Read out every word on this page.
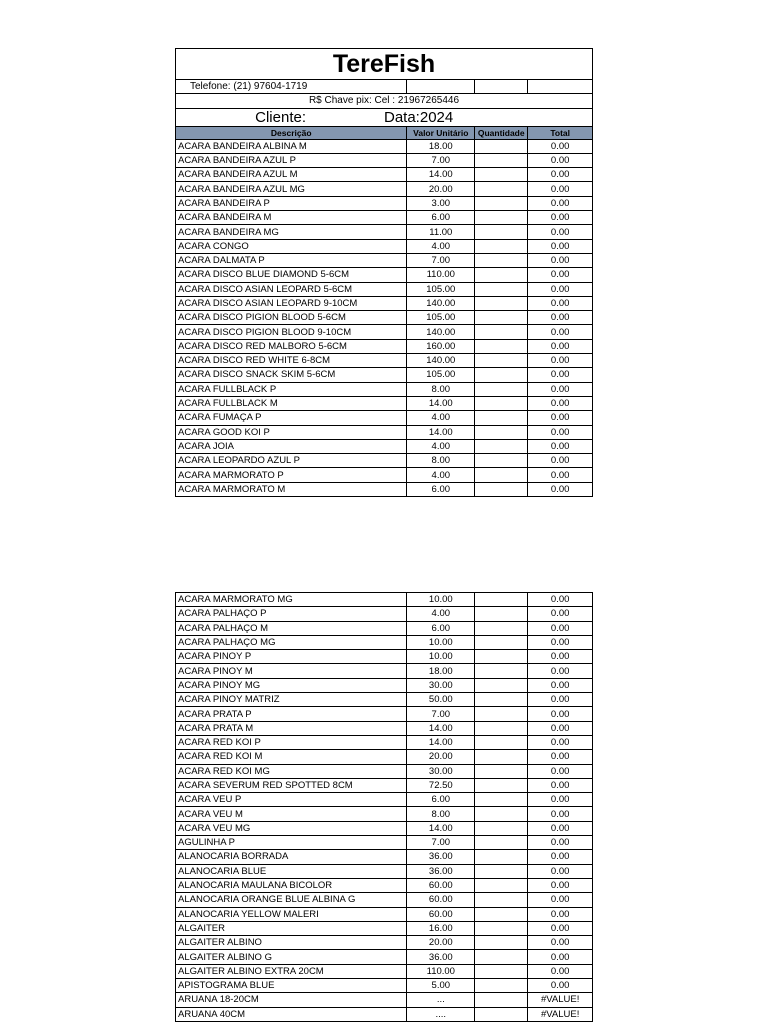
TereFish			
Telefone: (21) 97604-1719			
R$ Chave pix: Cel : 21967265446			
Cliente: Data:2024			
Descrição	Valor Unitário	Quantidade	Total
ACARA BANDEIRA ALBINA M	18.00		0.00
ACARA BANDEIRA AZUL P	7.00		0.00
ACARA BANDEIRA AZUL M	14.00		0.00
ACARA BANDEIRA AZUL MG	20.00		0.00
ACARA BANDEIRA P	3.00		0.00
ACARA BANDEIRA M	6.00		0.00
ACARA BANDEIRA MG	11.00		0.00
ACARA CONGO	4.00		0.00
ACARA DALMATA P	7.00		0.00
ACARA DISCO BLUE DIAMOND 5-6CM	110.00		0.00
ACARA DISCO ASIAN LEOPARD 5-6CM	105.00		0.00
ACARA DISCO ASIAN LEOPARD 9-10CM	140.00		0.00
ACARA DISCO PIGION BLOOD 5-6CM	105.00		0.00
ACARA DISCO PIGION BLOOD 9-10CM	140.00		0.00
ACARA DISCO RED MALBORO 5-6CM	160.00		0.00
ACARA DISCO RED WHITE 6-8CM	140.00		0.00
ACARA DISCO SNACK SKIM 5-6CM	105.00		0.00
ACARA FULLBLACK P	8.00		0.00
ACARA FULLBLACK M	14.00		0.00
ACARA FUMAÇA P	4.00		0.00
ACARA GOOD KOI P	14.00		0.00
ACARA JOIA	4.00		0.00
ACARA LEOPARDO AZUL P	8.00		0.00
ACARA MARMORATO P	4.00		0.00
ACARA MARMORATO M	6.00		0.00
ACARA MARMORATO MG	10.00		0.00
ACARA PALHAÇO P	4.00		0.00
ACARA PALHAÇO M	6.00		0.00
ACARA PALHAÇO MG	10.00		0.00
ACARA PINOY P	10.00		0.00
ACARA PINOY M	18.00		0.00
ACARA PINOY MG	30.00		0.00
ACARA PINOY MATRIZ	50.00		0.00
ACARA PRATA P	7.00		0.00
ACARA PRATA M	14.00		0.00
ACARA RED KOI P	14.00		0.00
ACARA RED KOI M	20.00		0.00
ACARA RED KOI MG	30.00		0.00
ACARA SEVERUM RED SPOTTED 8CM	72.50		0.00
ACARA VEU P	6.00		0.00
ACARA VEU M	8.00		0.00
ACARA VEU MG	14.00		0.00
AGULINHA P	7.00		0.00
ALANOCARIA BORRADA	36.00		0.00
ALANOCARIA BLUE	36.00		0.00
ALANOCARIA MAULANA BICOLOR	60.00		0.00
ALANOCARIA ORANGE BLUE ALBINA G	60.00		0.00
ALANOCARIA YELLOW MALERI	60.00		0.00
ALGAITER	16.00		0.00
ALGAITER ALBINO	20.00		0.00
ALGAITER ALBINO G	36.00		0.00
ALGAITER ALBINO EXTRA 20CM	110.00		0.00
APISTOGRAMA BLUE	5.00		0.00
ARUANA 18-20CM	...		#VALUE!
ARUANA 40CM	....		#VALUE!
